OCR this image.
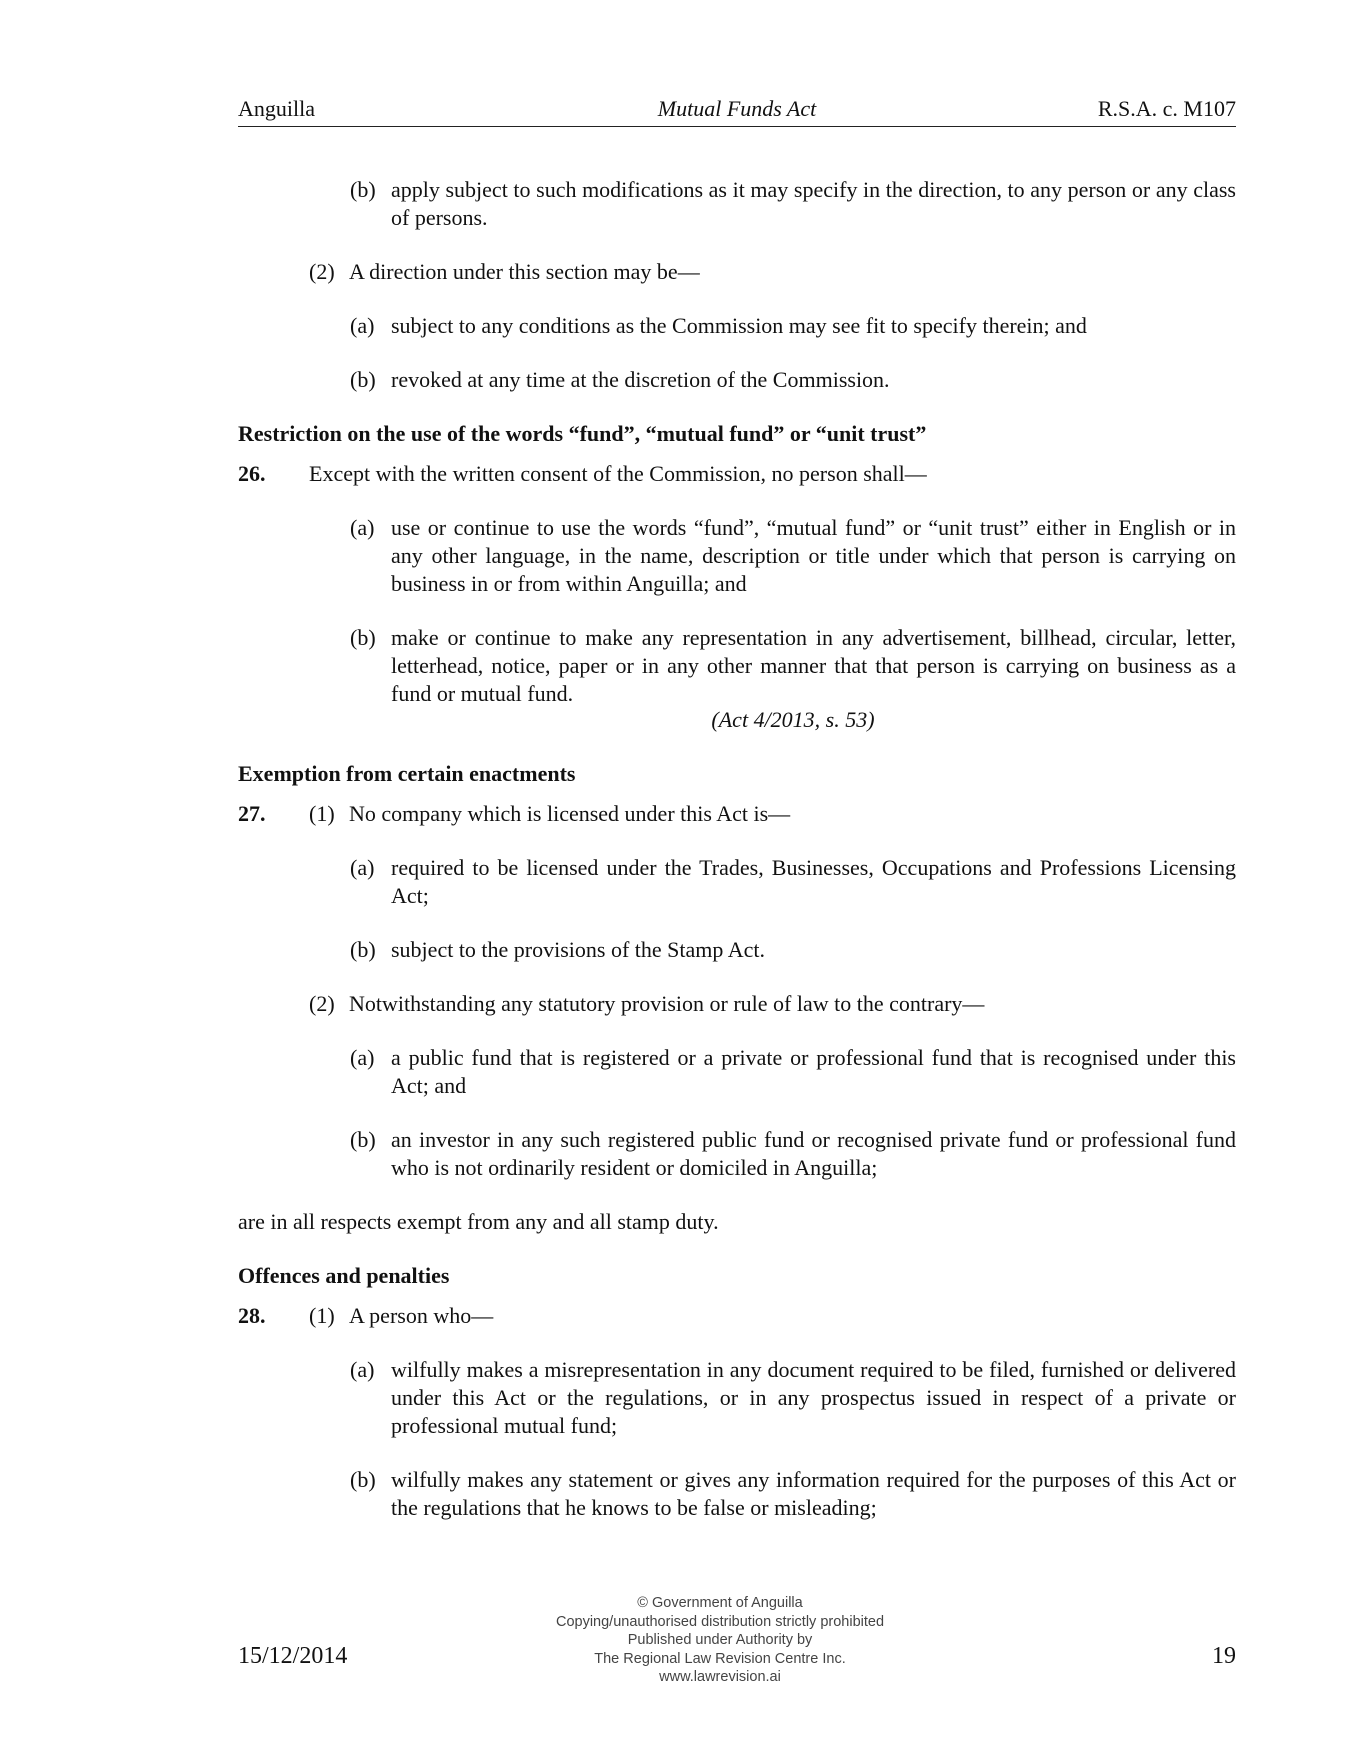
Anguilla	Mutual Funds Act	R.S.A. c. M107
(b) apply subject to such modifications as it may specify in the direction, to any person or any class of persons.
(2) A direction under this section may be—
(a) subject to any conditions as the Commission may see fit to specify therein; and
(b) revoked at any time at the discretion of the Commission.
Restriction on the use of the words “fund”, “mutual fund” or “unit trust”
26. Except with the written consent of the Commission, no person shall—
(a) use or continue to use the words “fund”, “mutual fund” or “unit trust” either in English or in any other language, in the name, description or title under which that person is carrying on business in or from within Anguilla; and
(b) make or continue to make any representation in any advertisement, billhead, circular, letter, letterhead, notice, paper or in any other manner that that person is carrying on business as a fund or mutual fund.
(Act 4/2013, s. 53)
Exemption from certain enactments
27. (1) No company which is licensed under this Act is—
(a) required to be licensed under the Trades, Businesses, Occupations and Professions Licensing Act;
(b) subject to the provisions of the Stamp Act.
(2) Notwithstanding any statutory provision or rule of law to the contrary—
(a) a public fund that is registered or a private or professional fund that is recognised under this Act; and
(b) an investor in any such registered public fund or recognised private fund or professional fund who is not ordinarily resident or domiciled in Anguilla;
are in all respects exempt from any and all stamp duty.
Offences and penalties
28. (1) A person who—
(a) wilfully makes a misrepresentation in any document required to be filed, furnished or delivered under this Act or the regulations, or in any prospectus issued in respect of a private or professional mutual fund;
(b) wilfully makes any statement or gives any information required for the purposes of this Act or the regulations that he knows to be false or misleading;
15/12/2014
© Government of Anguilla
Copying/unauthorised distribution strictly prohibited
Published under Authority by
The Regional Law Revision Centre Inc.
www.lawrevision.ai
19
